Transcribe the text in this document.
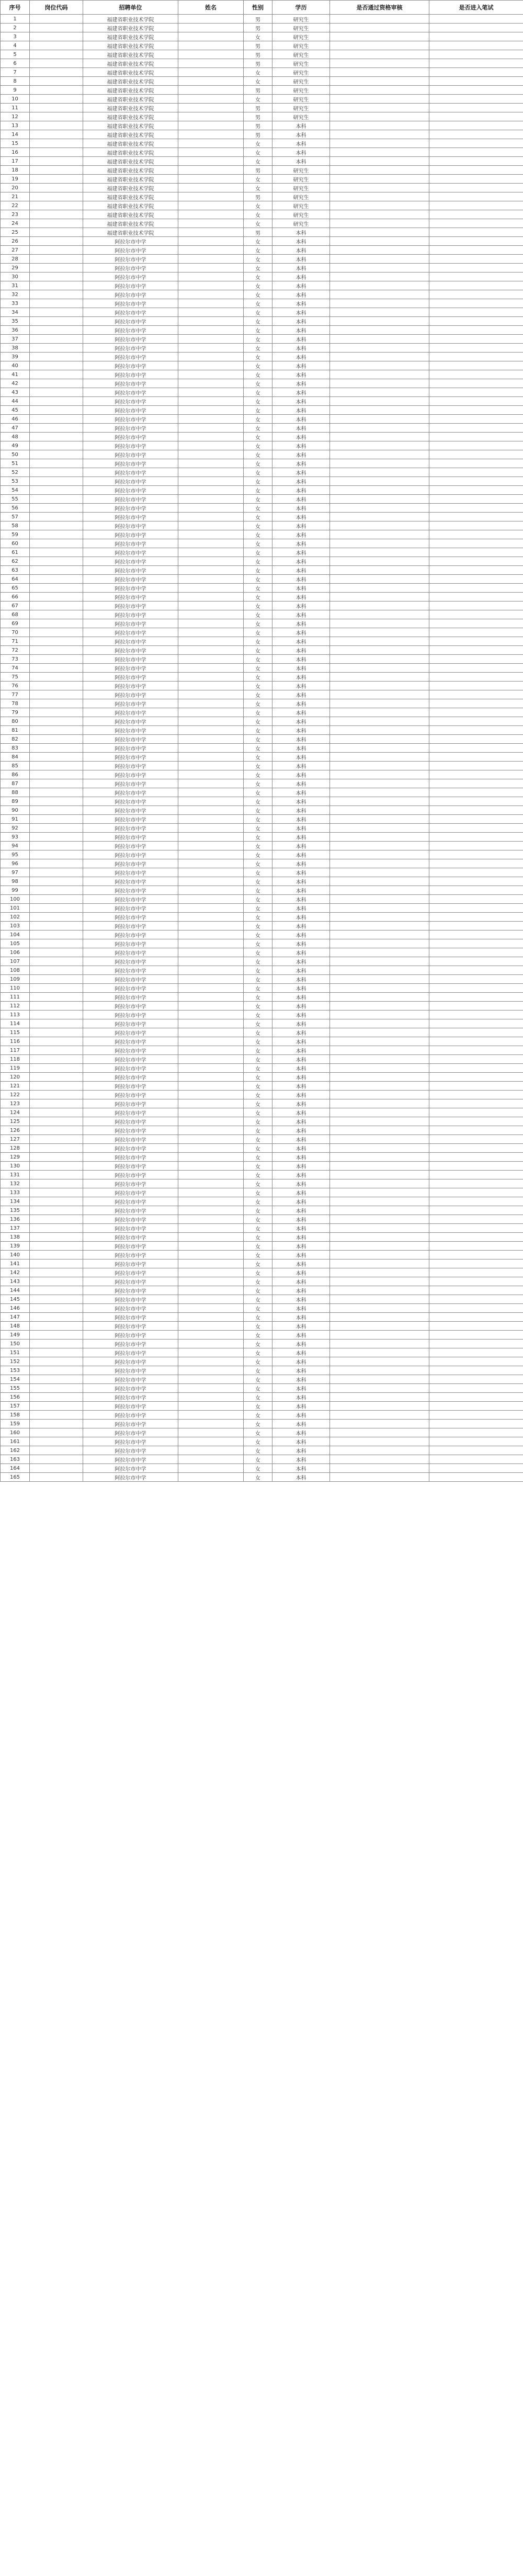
序号	岗位代码	招聘单位	姓名	性别	学历	是否通过资格审核	是否进入笔试
1		福建省职业技术学院		男	研究生		
2		福建省职业技术学院		男	研究生		
3		福建省职业技术学院		女	研究生		
4		福建省职业技术学院		男	研究生		
5		福建省职业技术学院		男	研究生		
6		福建省职业技术学院		男	研究生		
7		福建省职业技术学院		女	研究生		
8		福建省职业技术学院		女	研究生		
9		福建省职业技术学院		男	研究生		
10		福建省职业技术学院		女	研究生		
11		福建省职业技术学院		男	研究生		
12		福建省职业技术学院		男	研究生		
13		福建省职业技术学院		男	本科		
14		福建省职业技术学院		男	本科		
15		福建省职业技术学院		女	本科		
16		福建省职业技术学院		女	本科		
17		福建省职业技术学院		女	本科		
18		福建省职业技术学院		男	研究生		
19		福建省职业技术学院		女	研究生		
20		福建省职业技术学院		女	研究生		
21		福建省职业技术学院		男	研究生		
22		福建省职业技术学院		女	研究生		
23		福建省职业技术学院		女	研究生		
24		福建省职业技术学院		女	研究生		
25		福建省职业技术学院		男	本科		
26		阿拉尔市中学		女	本科		
27		阿拉尔市中学		女	本科		
28		阿拉尔市中学		女	本科		
29		阿拉尔市中学		女	本科		
30		阿拉尔市中学		女	本科		
31		阿拉尔市中学		女	本科		
32		阿拉尔市中学		女	本科		
33		阿拉尔市中学		女	本科		
34		阿拉尔市中学		女	本科		
35		阿拉尔市中学		女	本科		
36		阿拉尔市中学		女	本科		
37		阿拉尔市中学		女	本科		
38		阿拉尔市中学		女	本科		
39		阿拉尔市中学		女	本科		
40		阿拉尔市中学		女	本科		
41		阿拉尔市中学		女	本科		
42		阿拉尔市中学		女	本科		
43		阿拉尔市中学		女	本科		
44		阿拉尔市中学		女	本科		
45		阿拉尔市中学		女	本科		
46		阿拉尔市中学		女	本科		
47		阿拉尔市中学		女	本科		
48		阿拉尔市中学		女	本科		
49		阿拉尔市中学		女	本科		
50		阿拉尔市中学		女	本科		
51		阿拉尔市中学		女	本科		
52		阿拉尔市中学		女	本科		
53		阿拉尔市中学		女	本科		
54		阿拉尔市中学		女	本科		
55		阿拉尔市中学		女	本科		
56		阿拉尔市中学		女	本科		
57		阿拉尔市中学		女	本科		
58		阿拉尔市中学		女	本科		
59		阿拉尔市中学		女	本科		
60		阿拉尔市中学		女	本科		
61		阿拉尔市中学		女	本科		
62		阿拉尔市中学		女	本科		
63		阿拉尔市中学		女	本科		
64		阿拉尔市中学		女	本科		
65		阿拉尔市中学		女	本科		
66		阿拉尔市中学		女	本科		
67		阿拉尔市中学		女	本科		
68		阿拉尔市中学		女	本科		
69		阿拉尔市中学		女	本科		
70		阿拉尔市中学		女	本科		
71		阿拉尔市中学		女	本科		
72		阿拉尔市中学		女	本科		
73		阿拉尔市中学		女	本科		
74		阿拉尔市中学		女	本科		
75		阿拉尔市中学		女	本科		
76		阿拉尔市中学		女	本科		
77		阿拉尔市中学		女	本科		
78		阿拉尔市中学		女	本科		
79		阿拉尔市中学		女	本科		
80		阿拉尔市中学		女	本科		
81		阿拉尔市中学		女	本科		
82		阿拉尔市中学		女	本科		
83		阿拉尔市中学		女	本科		
84		阿拉尔市中学		女	本科		
85		阿拉尔市中学		女	本科		
86		阿拉尔市中学		女	本科		
87		阿拉尔市中学		女	本科		
88		阿拉尔市中学		女	本科		
89		阿拉尔市中学		女	本科		
90		阿拉尔市中学		女	本科		
91		阿拉尔市中学		女	本科		
92		阿拉尔市中学		女	本科		
93		阿拉尔市中学		女	本科		
94		阿拉尔市中学		女	本科		
95		阿拉尔市中学		女	本科		
96		阿拉尔市中学		女	本科		
97		阿拉尔市中学		女	本科		
98		阿拉尔市中学		女	本科		
99		阿拉尔市中学		女	本科		
100		阿拉尔市中学		女	本科		
101		阿拉尔市中学		女	本科		
102		阿拉尔市中学		女	本科		
103		阿拉尔市中学		女	本科		
104		阿拉尔市中学		女	本科		
105		阿拉尔市中学		女	本科		
106		阿拉尔市中学		女	本科		
107		阿拉尔市中学		女	本科		
108		阿拉尔市中学		女	本科		
109		阿拉尔市中学		女	本科		
110		阿拉尔市中学		女	本科		
111		阿拉尔市中学		女	本科		
112		阿拉尔市中学		女	本科		
113		阿拉尔市中学		女	本科		
114		阿拉尔市中学		女	本科		
115		阿拉尔市中学		女	本科		
116		阿拉尔市中学		女	本科		
117		阿拉尔市中学		女	本科		
118		阿拉尔市中学		女	本科		
119		阿拉尔市中学		女	本科		
120		阿拉尔市中学		女	本科		
121		阿拉尔市中学		女	本科		
122		阿拉尔市中学		女	本科		
123		阿拉尔市中学		女	本科		
124		阿拉尔市中学		女	本科		
125		阿拉尔市中学		女	本科		
126		阿拉尔市中学		女	本科		
127		阿拉尔市中学		女	本科		
128		阿拉尔市中学		女	本科		
129		阿拉尔市中学		女	本科		
130		阿拉尔市中学		女	本科		
131		阿拉尔市中学		女	本科		
132		阿拉尔市中学		女	本科		
133		阿拉尔市中学		女	本科		
134		阿拉尔市中学		女	本科		
135		阿拉尔市中学		女	本科		
136		阿拉尔市中学		女	本科		
137		阿拉尔市中学		女	本科		
138		阿拉尔市中学		女	本科		
139		阿拉尔市中学		女	本科		
140		阿拉尔市中学		女	本科		
141		阿拉尔市中学		女	本科		
142		阿拉尔市中学		女	本科		
143		阿拉尔市中学		女	本科		
144		阿拉尔市中学		女	本科		
145		阿拉尔市中学		女	本科		
146		阿拉尔市中学		女	本科		
147		阿拉尔市中学		女	本科		
148		阿拉尔市中学		女	本科		
149		阿拉尔市中学		女	本科		
150		阿拉尔市中学		女	本科		
151		阿拉尔市中学		女	本科		
152		阿拉尔市中学		女	本科		
153		阿拉尔市中学		女	本科		
154		阿拉尔市中学		女	本科		
155		阿拉尔市中学		女	本科		
156		阿拉尔市中学		女	本科		
157		阿拉尔市中学		女	本科		
158		阿拉尔市中学		女	本科		
159		阿拉尔市中学		女	本科		
160		阿拉尔市中学		女	本科		
161		阿拉尔市中学		女	本科		
162		阿拉尔市中学		女	本科		
163		阿拉尔市中学		女	本科		
164		阿拉尔市中学		女	本科		
165		阿拉尔市中学		女	本科		
